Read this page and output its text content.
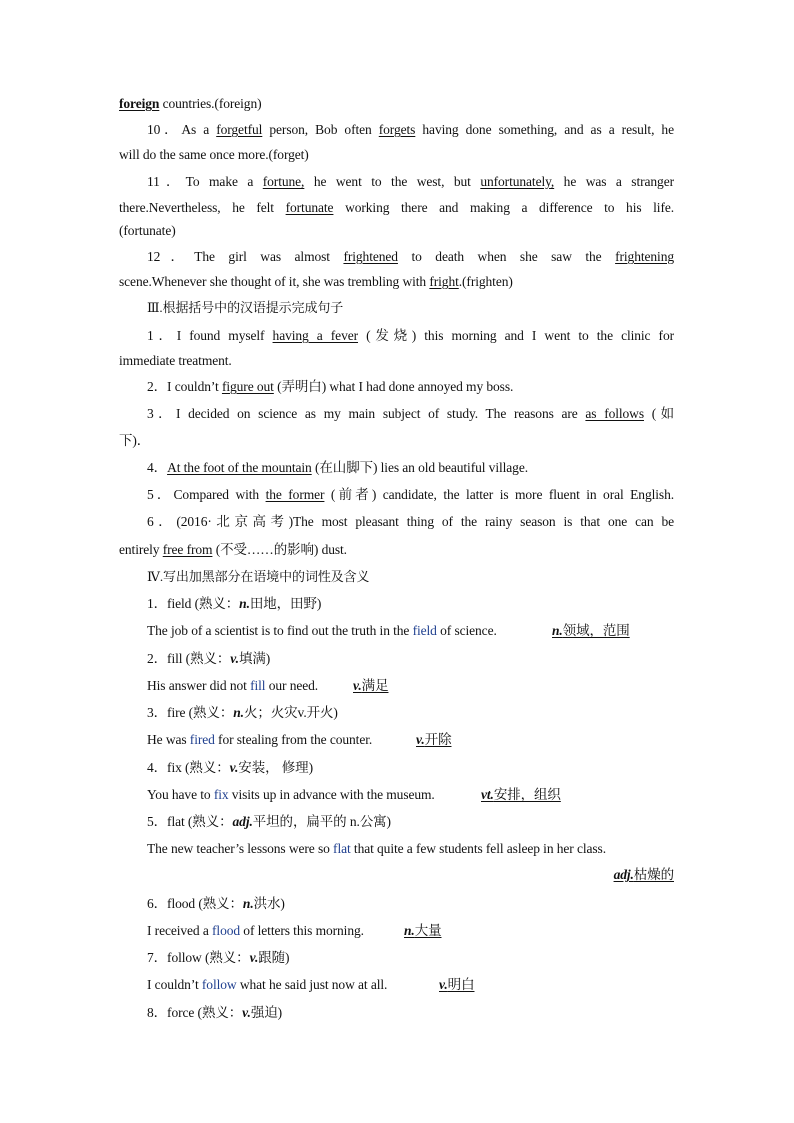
foreign countries.(foreign)
10．As a forgetful person, Bob often forgets having done something, and as a result, he
will do the same once more.(forget)
11．To make a fortune, he went to the west, but unfortunately, he was a stranger
there.Nevertheless, he felt fortunate working there and making a difference to his life.
(fortunate)
12．The girl was almost frightened to death when she saw the frightening
scene.Whenever she thought of it, she was trembling with fright.(frighten)
Ⅲ.根据括号中的汉语提示完成句子
1．I found myself having a fever (发烧) this morning and I went to the clinic for
immediate treatment.
2．I couldn’t figure out (弄明白) what I had done annoyed my boss.
3．I decided on science as my main subject of study. The reasons are as follows (如
下)．
4．At the foot of the mountain (在山脚下) lies an old beautiful village.
5．Compared with the former (前者) candidate, the latter is more fluent in oral English.
6．(2016·北京高考)The most pleasant thing of the rainy season is that one can be
entirely free from (不受……的影响) dust.
Ⅳ.写出加黑部分在语境中的词性及含义
1．field (熟义：n.田地，田野)
The job of a scientist is to find out the truth in the field of science.	n.领域，范围
2．fill (熟义：v.填满)
His answer did not fill our need.	v.满足
3．fire (熟义：n.火；火灾v.开火)
He was fired for stealing from the counter.	v.开除
4．fix (熟义：v.安装， 修理)
You have to fix visits up in advance with the museum.	vt.安排，组织
5．flat (熟义：adj.平坦的，扁平的 n.公寓)
The new teacher’s lessons were so flat that quite a few students fell asleep in her class.
adj.枯燥的
6．flood (熟义：n.洪水)
I received a flood of letters this morning.	n.大量
7．follow (熟义：v.跟随)
I couldn’t follow what he said just now at all.	v.明白
8．force (熟义：v.强迫)
